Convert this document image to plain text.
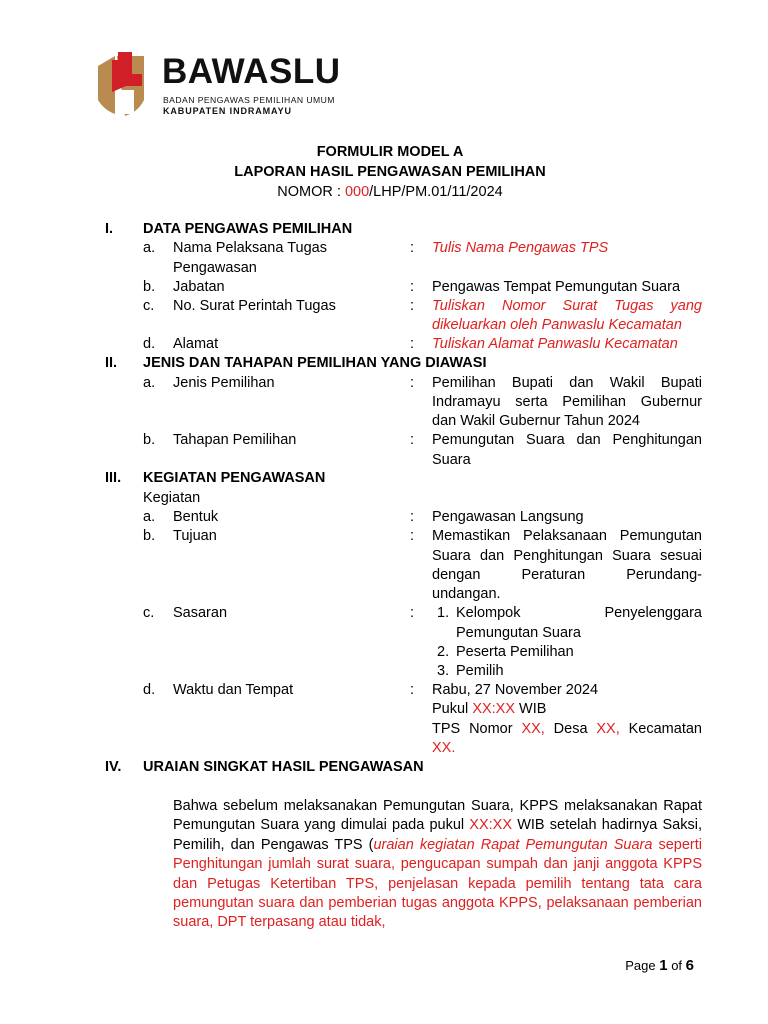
BAWASLU
BADAN PENGAWAS PEMILIHAN UMUM
KABUPATEN INDRAMAYU
FORMULIR MODEL A
LAPORAN HASIL PENGAWASAN PEMILIHAN
NOMOR : 000/LHP/PM.01/11/2024
I. DATA PENGAWAS PEMILIHAN
a. Nama Pelaksana Tugas
Pengawasan
: Tulis Nama Pengawas TPS
b. Jabatan	: Pengawas Tempat Pemungutan Suara
c. No. Surat Perintah Tugas	: Tuliskan Nomor Surat Tugas yang
dikeluarkan oleh Panwaslu Kecamatan
d. Alamat	: Tuliskan Alamat Panwaslu Kecamatan
II. JENIS DAN TAHAPAN PEMILIHAN YANG DIAWASI
a. Jenis Pemilihan	: Pemilihan Bupati dan Wakil Bupati
Indramayu serta Pemilihan Gubernur
dan Wakil Gubernur Tahun 2024
b. Tahapan Pemilihan	: Pemungutan Suara dan Penghitungan
Suara
III. KEGIATAN PENGAWASAN
Kegiatan
a. Bentuk	: Pengawasan Langsung
b. Tujuan	: Memastikan Pelaksanaan Pemungutan
Suara dan Penghitungan Suara sesuai
dengan Peraturan Perundang-
undangan.
c. Sasaran	: 1. Kelompok Penyelenggara
Pemungutan Suara
2. Peserta Pemilihan
3. Pemilih
d. Waktu dan Tempat	: Rabu, 27 November 2024
Pukul XX:XX WIB
TPS Nomor XX, Desa XX, Kecamatan
XX.
IV. URAIAN SINGKAT HASIL PENGAWASAN
Bahwa sebelum melaksanakan Pemungutan Suara, KPPS melaksanakan Rapat Pemungutan Suara yang dimulai pada pukul XX:XX WIB setelah hadirnya Saksi, Pemilih, dan Pengawas TPS (uraian kegiatan Rapat Pemungutan Suara seperti Penghitungan jumlah surat suara, pengucapan sumpah dan janji anggota KPPS dan Petugas Ketertiban TPS, penjelasan kepada pemilih tentang tata cara pemungutan suara dan pemberian tugas anggota KPPS, pelaksanaan pemberian suara, DPT terpasang atau tidak,
Page 1 of 6
